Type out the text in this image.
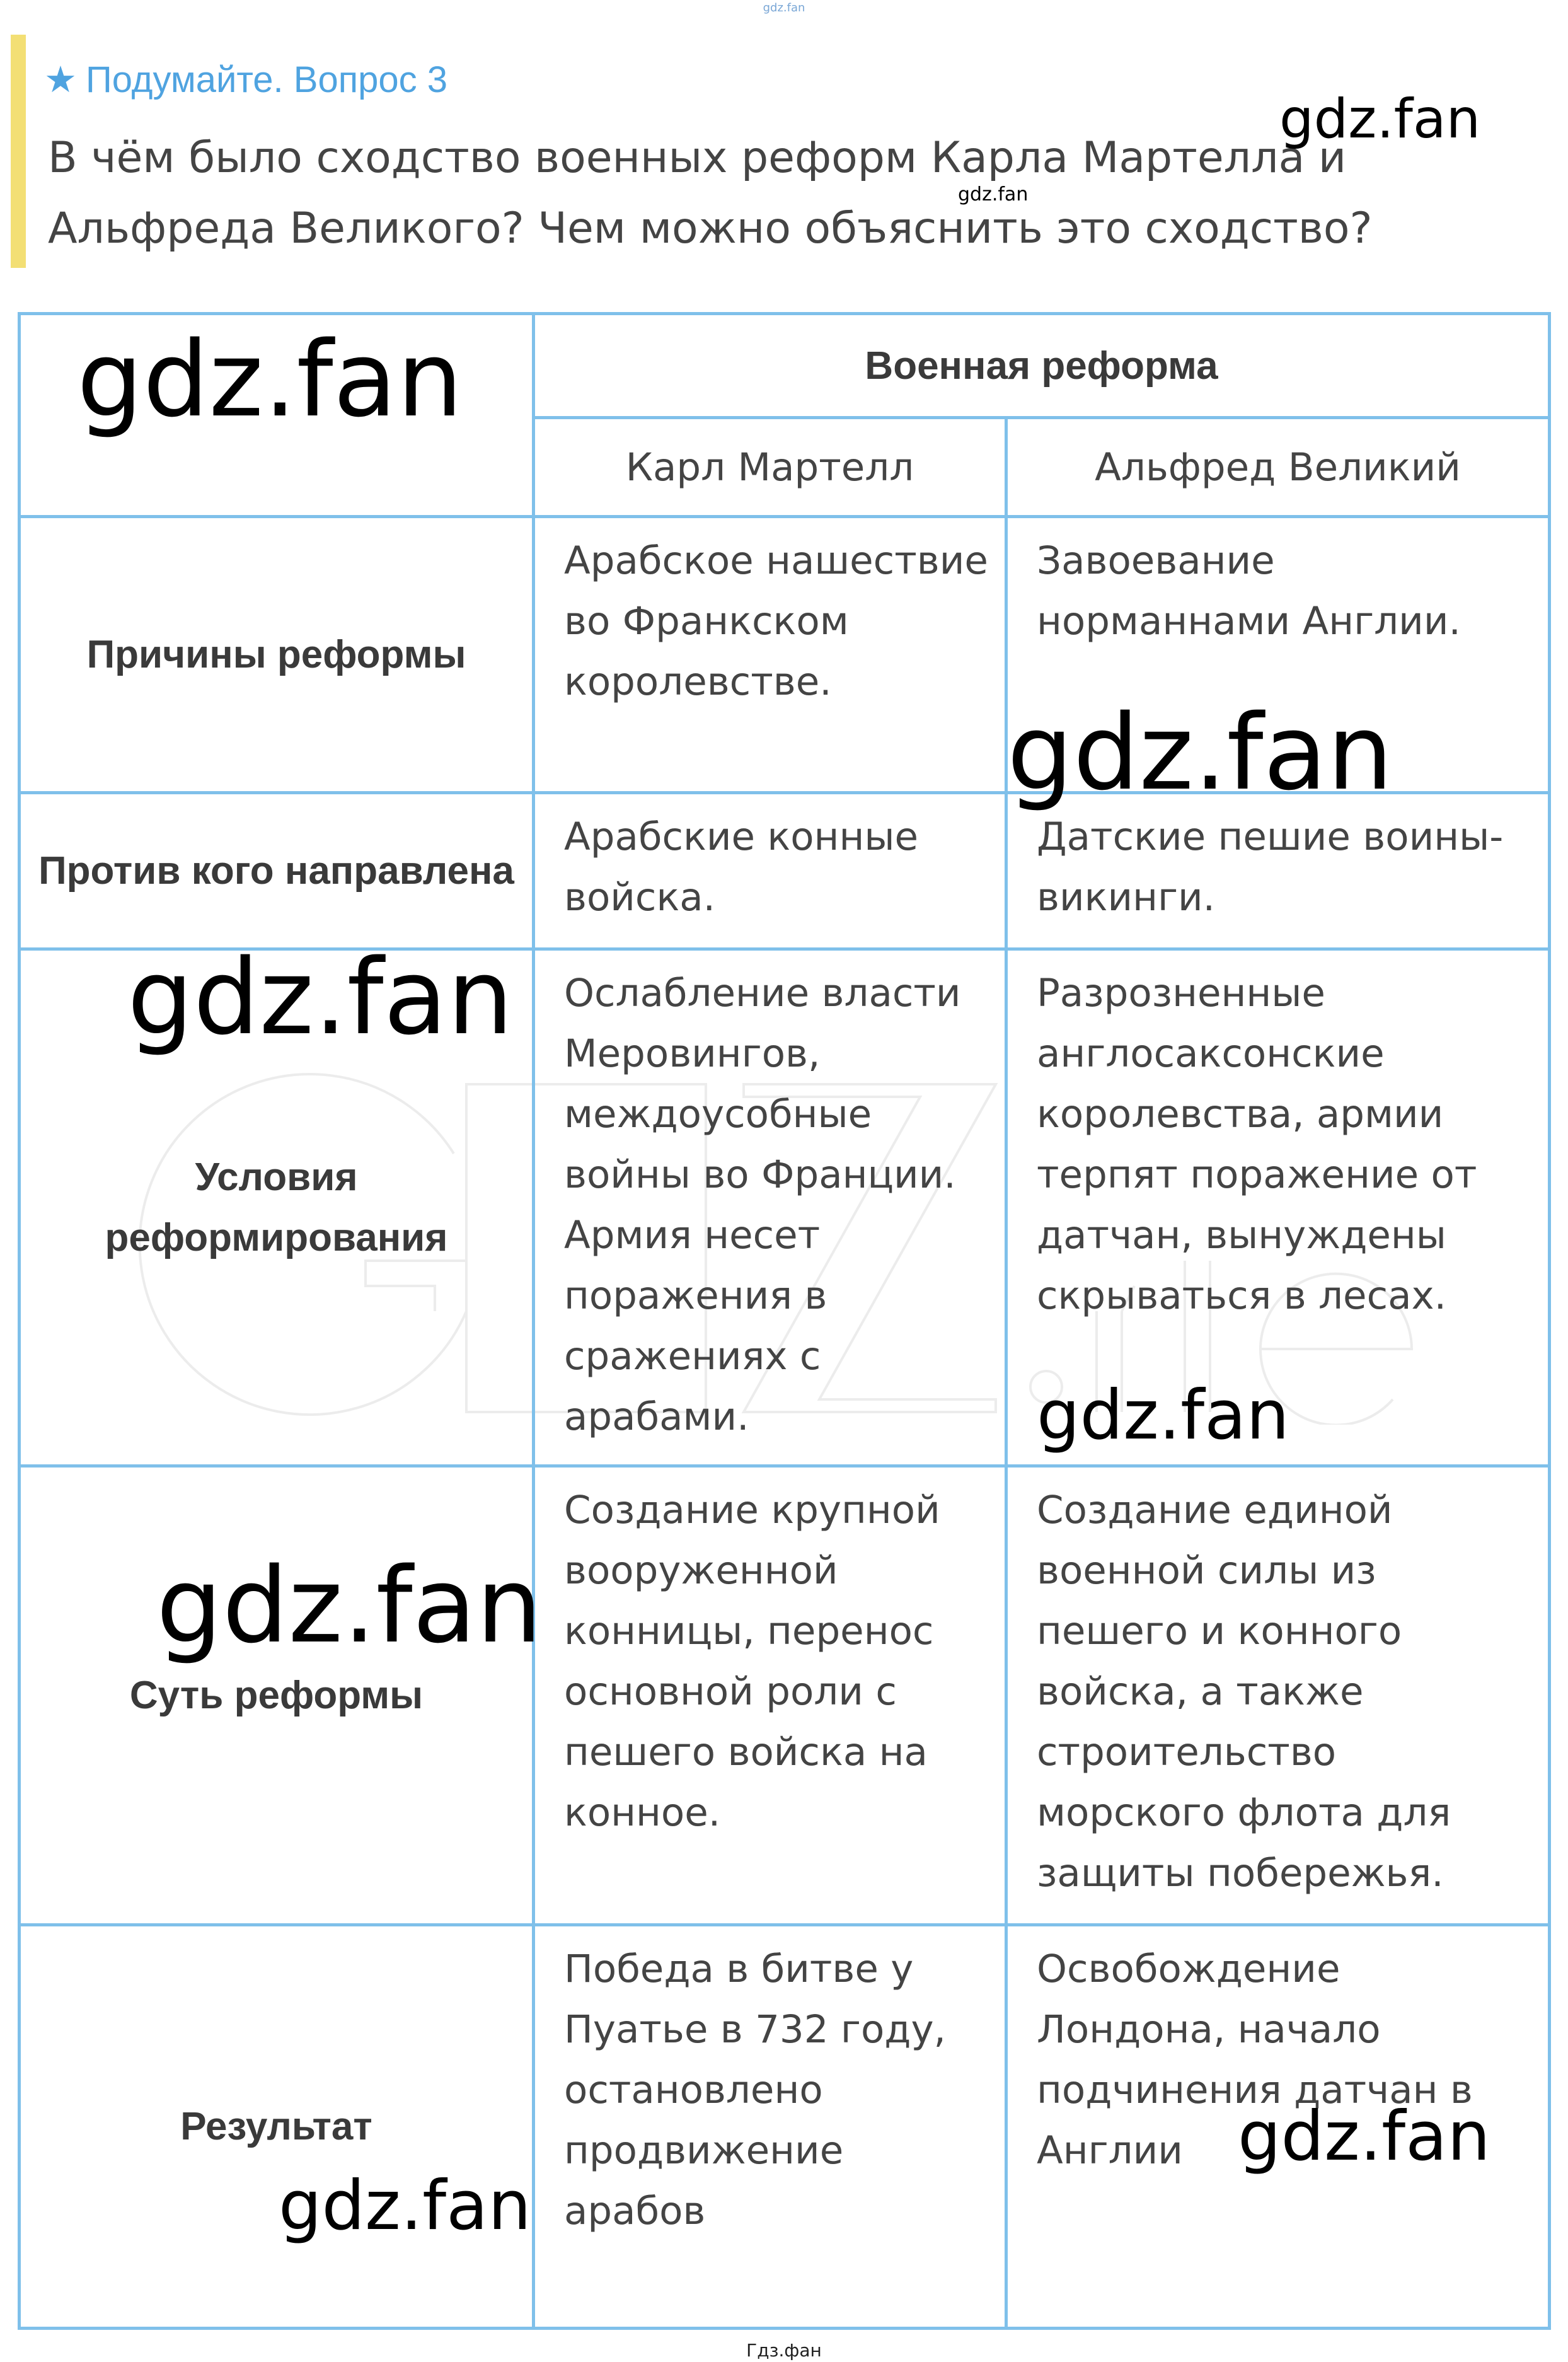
gdz.fan
★ Подумайте. Вопрос 3
В чём было сходство военных реформ Карла Мартелла и Альфреда Великого? Чем можно объяснить это сходство?
	Военная реформа	
	Карл Мартелл	Альфред Великий
Причины реформы	Арабское нашествие во Франкском королевстве.	Завоевание норманнами Англии.
Против кого направлена	Арабские конные войска.	Датские пешие воины-викинги.
Условия реформирования	Ослабление власти Меровингов, междоусобные войны во Франции. Армия несет поражения в сражениях с арабами.	Разрозненные англосаксонские королевства, армии терпят поражение от датчан, вынуждены скрываться в лесах.
Суть реформы	Создание крупной вооруженной конницы, перенос основной роли с пешего войска на конное.	Создание единой военной силы из пешего и конного войска, а также строительство морского флота для защиты побережья.
Результат	Победа в битве у Пуатье в 732 году, остановлено продвижение арабов	Освобождение Лондона, начало подчинения датчан в Англии
gdz.fan
gdz.fan
gdz.fan
gdz.fan
gdz.fan
gdz.fan
gdz.fan
gdz.fan
gdz.fan
Гдз.фан
